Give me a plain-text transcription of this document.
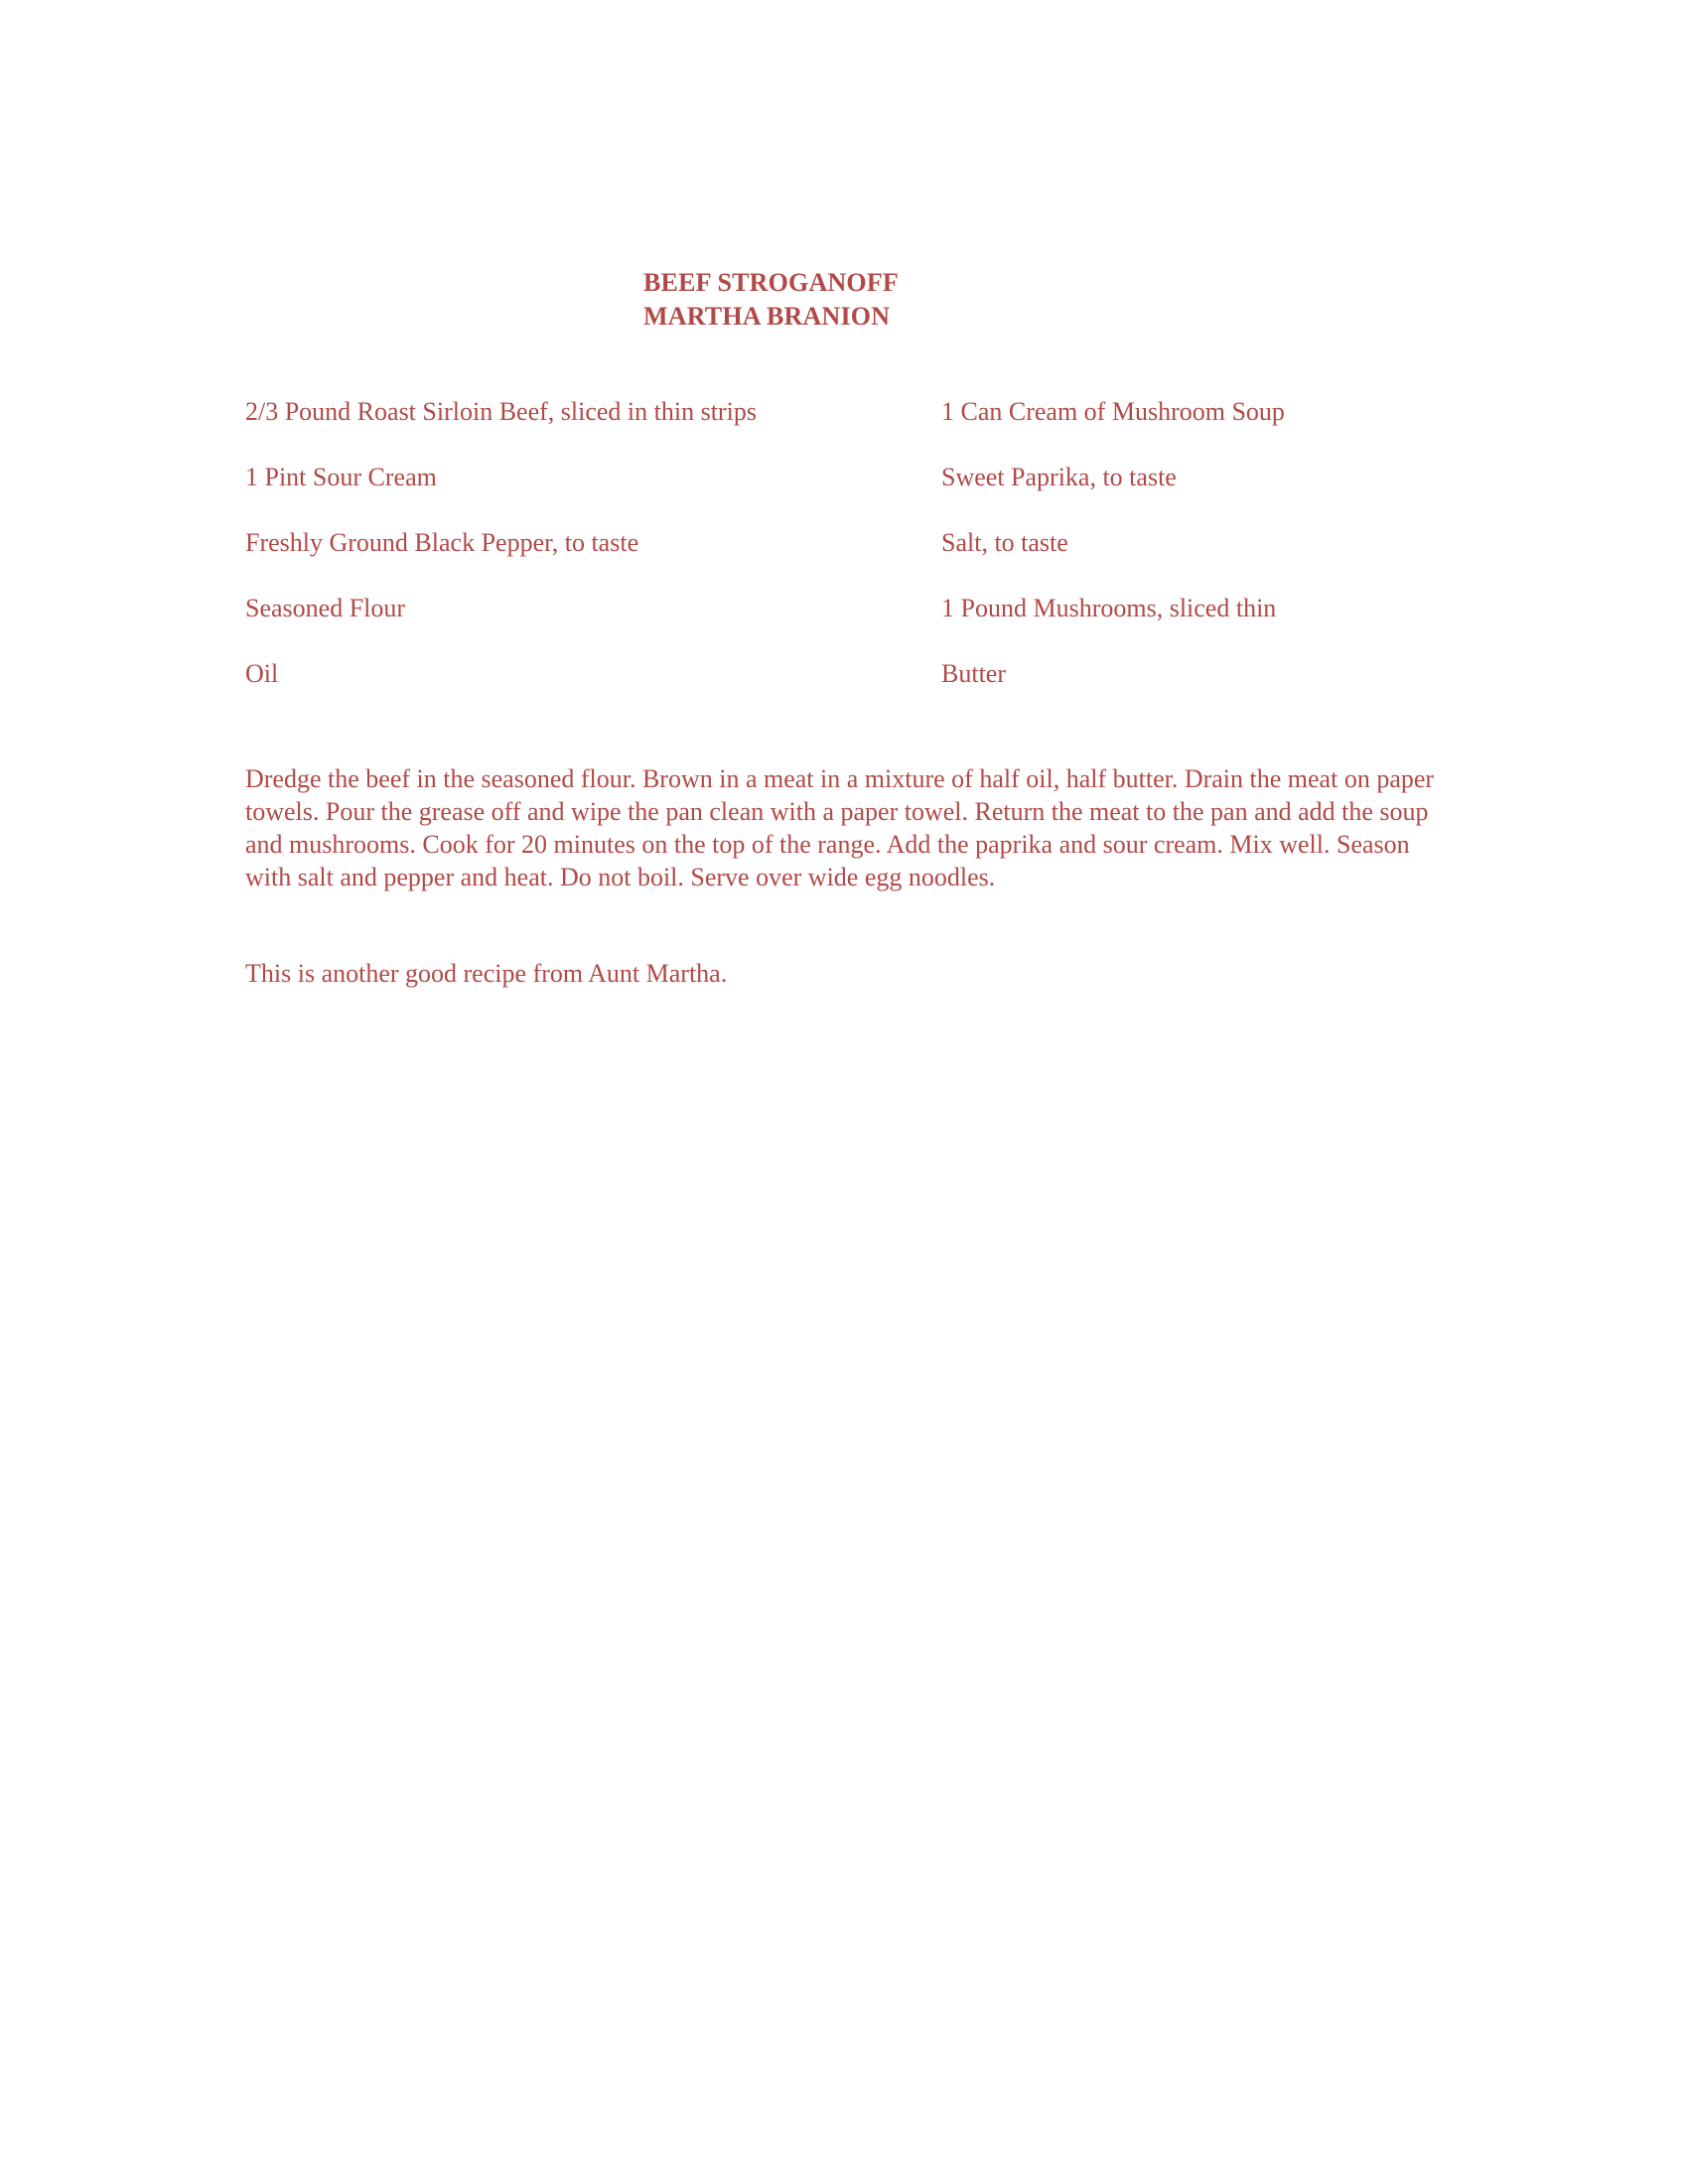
BEEF STROGANOFF
MARTHA BRANION
2/3 Pound Roast Sirloin Beef, sliced in thin strips	1 Can Cream of Mushroom Soup
1 Pint Sour Cream	Sweet Paprika, to taste
Freshly Ground Black Pepper, to taste	Salt, to taste
Seasoned Flour	1 Pound Mushrooms, sliced thin
Oil	Butter

Dredge the beef in the seasoned flour. Brown in a meat in a mixture of half oil, half butter. Drain the meat on paper towels. Pour the grease off and wipe the pan clean with a paper towel. Return the meat to the pan and add the soup and mushrooms. Cook for 20 minutes on the top of the range. Add the paprika and sour cream. Mix well. Season with salt and pepper and heat. Do not boil. Serve over wide egg noodles.

This is another good recipe from Aunt Martha.
